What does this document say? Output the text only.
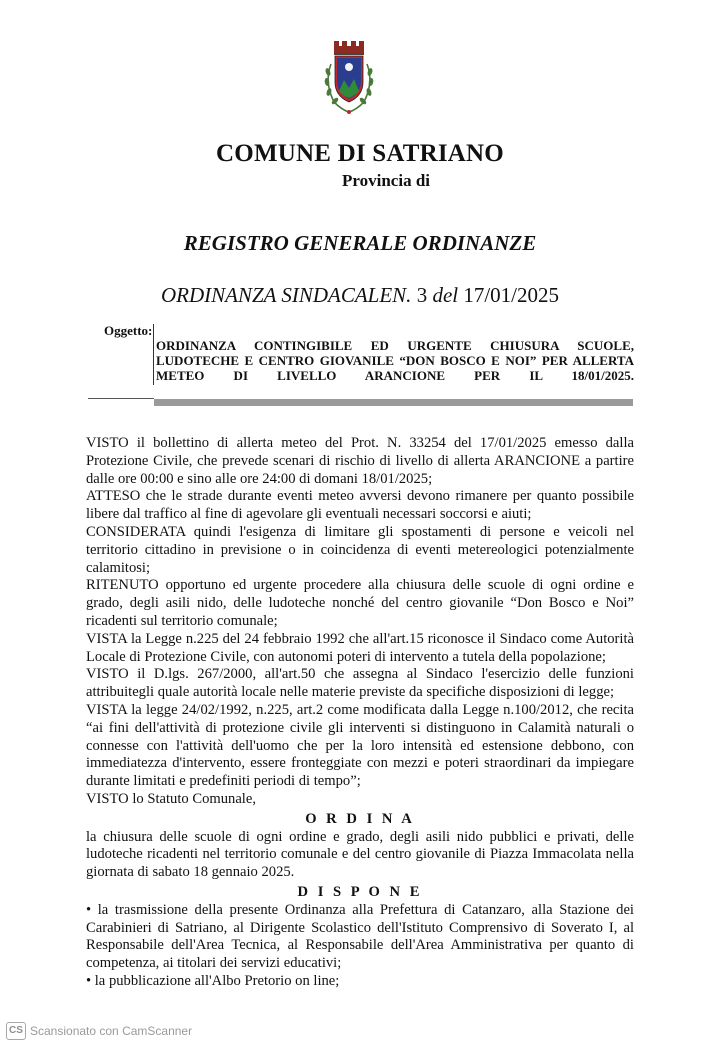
COMUNE DI SATRIANO
Provincia di
REGISTRO GENERALE ORDINANZE
ORDINANZA SINDACALEN. 3 del 17/01/2025
Oggetto:
ORDINANZA CONTINGIBILE ED URGENTE CHIUSURA SCUOLE,
LUDOTECHE E CENTRO GIOVANILE “DON BOSCO E NOI” PER ALLERTA
METEO DI LIVELLO ARANCIONE PER IL 18/01/2025.

VISTO il bollettino di allerta meteo del Prot. N. 33254 del 17/01/2025 emesso dalla Protezione Civile, che prevede scenari di rischio di livello di allerta ARANCIONE a partire dalle ore 00:00 e sino alle ore 24:00 di domani 18/01/2025;

ATTESO che le strade durante eventi meteo avversi devono rimanere per quanto possibile libere dal traffico al fine di agevolare gli eventuali necessari soccorsi e aiuti;

CONSIDERATA quindi l'esigenza di limitare gli spostamenti di persone e veicoli nel territorio cittadino in previsione o in coincidenza di eventi metereologici potenzialmente calamitosi;

RITENUTO opportuno ed urgente procedere alla chiusura delle scuole di ogni ordine e grado, degli asili nido, delle ludoteche nonché del centro giovanile “Don Bosco e Noi” ricadenti sul territorio comunale;

VISTA la Legge n.225 del 24 febbraio 1992 che all'art.15 riconosce il Sindaco come Autorità Locale di Protezione Civile, con autonomi poteri di intervento a tutela della popolazione;

VISTO il D.lgs. 267/2000, all'art.50 che assegna al Sindaco l'esercizio delle funzioni attribuitegli quale autorità locale nelle materie previste da specifiche disposizioni di legge;

VISTA la legge 24/02/1992, n.225, art.2 come modificata dalla Legge n.100/2012, che recita “ai fini dell'attività di protezione civile gli interventi si distinguono in Calamità naturali o connesse con l'attività dell'uomo che per la loro intensità ed estensione debbono, con immediatezza d'intervento, essere fronteggiate con mezzi e poteri straordinari da impiegare durante limitati e predefiniti periodi di tempo”;

VISTO lo Statuto Comunale,

O R D I N A

la chiusura delle scuole di ogni ordine e grado, degli asili nido pubblici e privati, delle ludoteche ricadenti nel territorio comunale e del centro giovanile di Piazza Immacolata nella giornata di sabato 18 gennaio 2025.

D I S P O N E

• la trasmissione della presente Ordinanza alla Prefettura di Catanzaro, alla Stazione dei Carabinieri di Satriano, al Dirigente Scolastico dell'Istituto Comprensivo di Soverato I, al Responsabile dell'Area Tecnica, al Responsabile dell'Area Amministrativa per quanto di competenza, ai titolari dei servizi educativi;

• la pubblicazione all'Albo Pretorio on line;

CS Scansionato con CamScanner
